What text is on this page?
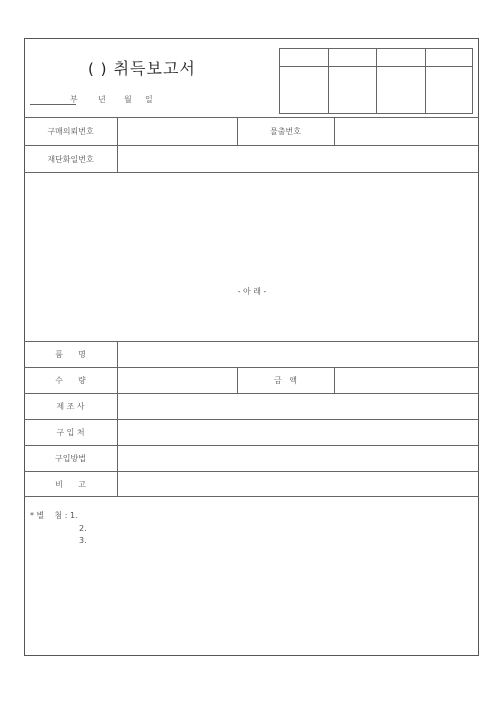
( ) 취득보고서
부	년 월 일
구매의뢰번호	물출번호
재단화일번호
- 아 래 -
품      명
수      량	금   액
제 조 사
구 입 처
구입방법
비      고
* 별    첨 : 1.
2.
3.
